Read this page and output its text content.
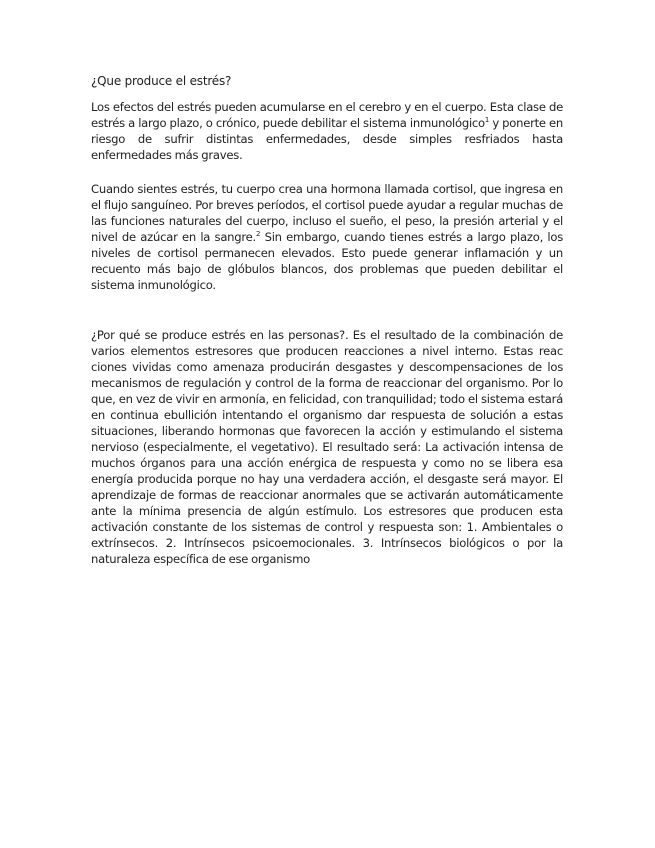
¿Que produce el estrés?

Los efectos del estrés pueden acumularse en el cerebro y en el cuerpo. Esta clase de estrés a largo plazo, o crónico, puede debilitar el sistema inmunológico$^1$ y ponerte en riesgo de sufrir distintas enfermedades, desde simples resfriados hasta enfermedades más graves.

Cuando sientes estrés, tu cuerpo crea una hormona llamada cortisol, que ingresa en el flujo sanguíneo. Por breves períodos, el cortisol puede ayudar a regular muchas de las funciones naturales del cuerpo, incluso el sueño, el peso, la presión arterial y el nivel de azúcar en la sangre.$^2$ Sin embargo, cuando tienes estrés a largo plazo, los niveles de cortisol permanecen elevados. Esto puede generar inflamación y un recuento más bajo de glóbulos blancos, dos problemas que pueden debilitar el sistema inmunológico.

¿Por qué se produce estrés en las personas?. Es el resultado de la combinación de varios elementos estresores que producen reacciones a nivel interno. Estas reac ciones vividas como amenaza producirán desgastes y descompensaciones de los mecanismos de regulación y control de la forma de reaccionar del organismo. Por lo que, en vez de vivir en armonía, en felicidad, con tranquilidad; todo el sistema estará en continua ebullición intentando el organismo dar respuesta de solución a estas situaciones, liberando hormonas que favorecen la acción y estimulando el sistema nervioso (especialmente, el vegetativo). El resultado será: La activación intensa de muchos órganos para una acción enérgica de respuesta y como no se libera esa energía producida porque no hay una verdadera acción, el desgaste será mayor. El aprendizaje de formas de reaccionar anormales que se activarán automáticamente ante la mínima presencia de algún estímulo. Los estresores que producen esta activación constante de los sistemas de control y respuesta son: 1. Ambientales o extrínsecos. 2. Intrínsecos psicoemocionales. 3. Intrínsecos biológicos o por la naturaleza específica de ese organismo
